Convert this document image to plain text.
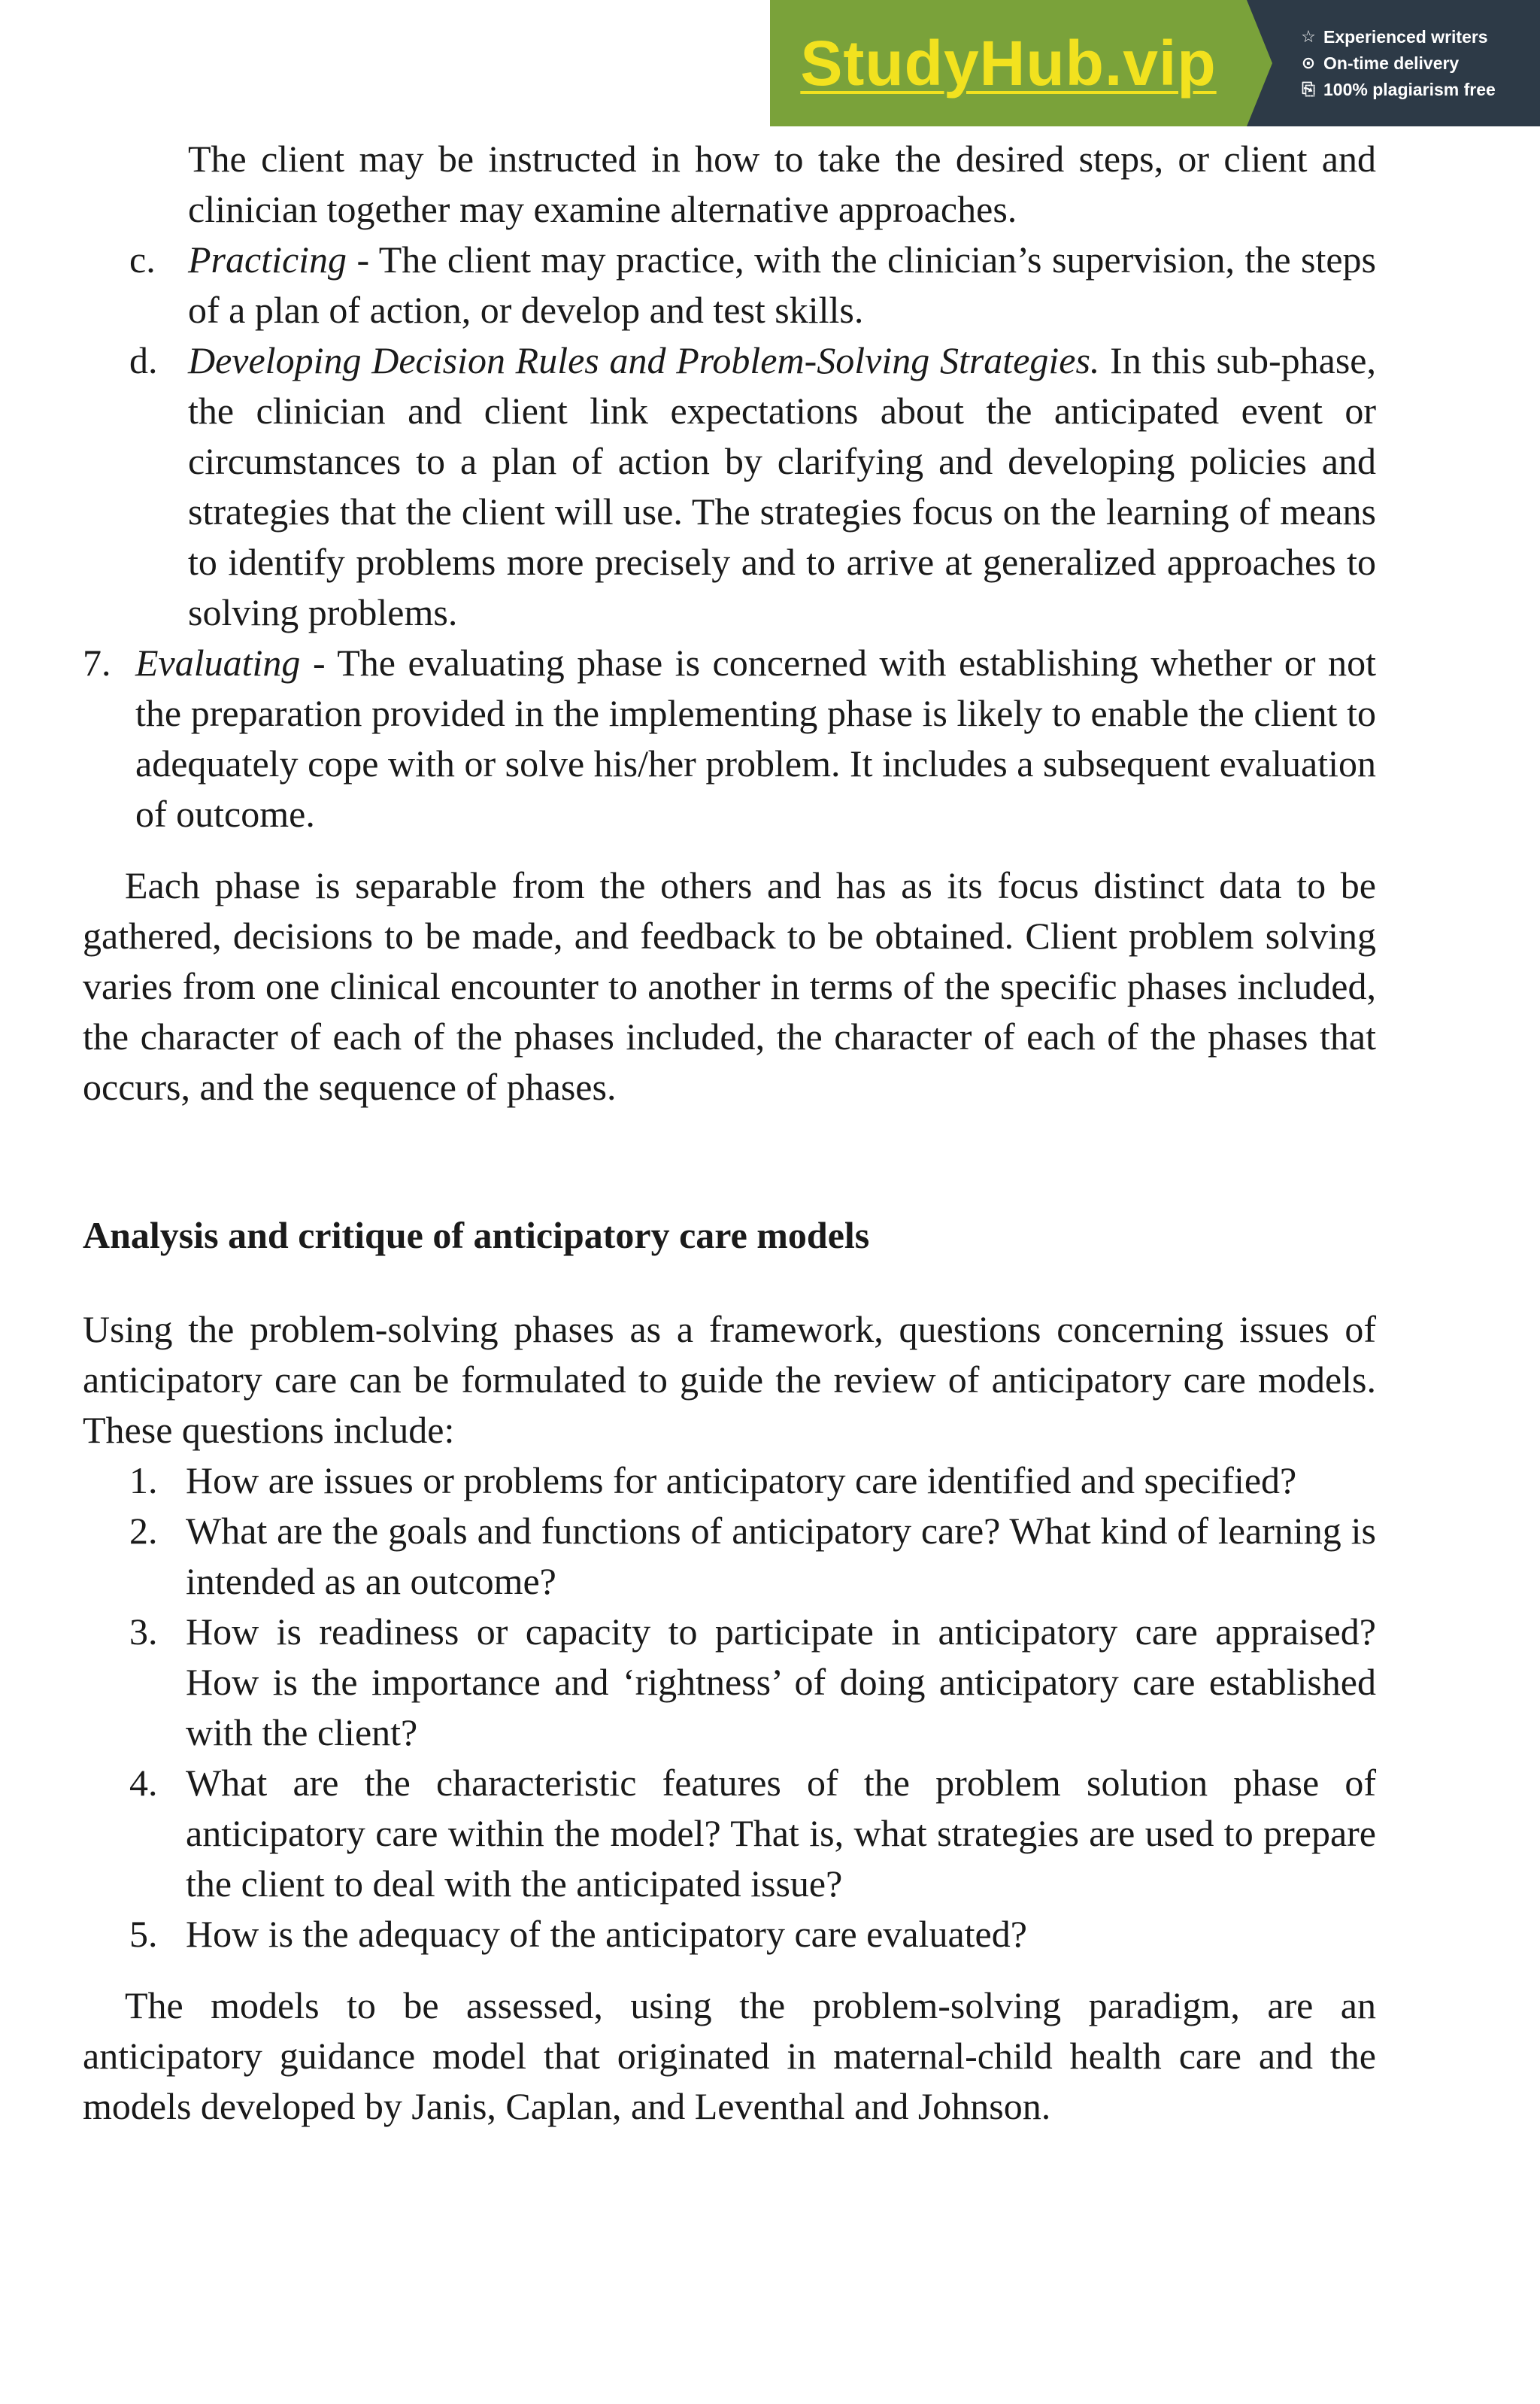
StudyHub.vip	☆ Experienced writers
⊙ On-time delivery
⎘ 100% plagiarism free

The client may be instructed in how to take the desired steps, or client and clinician together may examine alternative approaches.

c. Practicing - The client may practice, with the clinician’s supervision, the steps of a plan of action, or develop and test skills.

d. Developing Decision Rules and Problem-Solving Strategies. In this sub-phase, the clinician and client link expectations about the anticipated event or circumstances to a plan of action by clarifying and developing policies and strategies that the client will use. The strategies focus on the learning of means to identify problems more precisely and to arrive at generalized approaches to solving problems.

7. Evaluating - The evaluating phase is concerned with establishing whether or not the preparation provided in the implementing phase is likely to enable the client to adequately cope with or solve his/her problem. It includes a subsequent evaluation of outcome.

Each phase is separable from the others and has as its focus distinct data to be gathered, decisions to be made, and feedback to be obtained. Client problem solving varies from one clinical encounter to another in terms of the specific phases included, the character of each of the phases included, the character of each of the phases that occurs, and the sequence of phases.

Analysis and critique of anticipatory care models

Using the problem-solving phases as a framework, questions concerning issues of anticipatory care can be formulated to guide the review of anticipatory care models. These questions include:

1. How are issues or problems for anticipatory care identified and specified?

2. What are the goals and functions of anticipatory care? What kind of learning is intended as an outcome?

3. How is readiness or capacity to participate in anticipatory care appraised? How is the importance and ‘rightness’ of doing anticipatory care established with the client?

4. What are the characteristic features of the problem solution phase of anticipatory care within the model? That is, what strategies are used to prepare the client to deal with the anticipated issue?

5. How is the adequacy of the anticipatory care evaluated?

The models to be assessed, using the problem-solving paradigm, are an anticipatory guidance model that originated in maternal-child health care and the models developed by Janis, Caplan, and Leventhal and Johnson.
